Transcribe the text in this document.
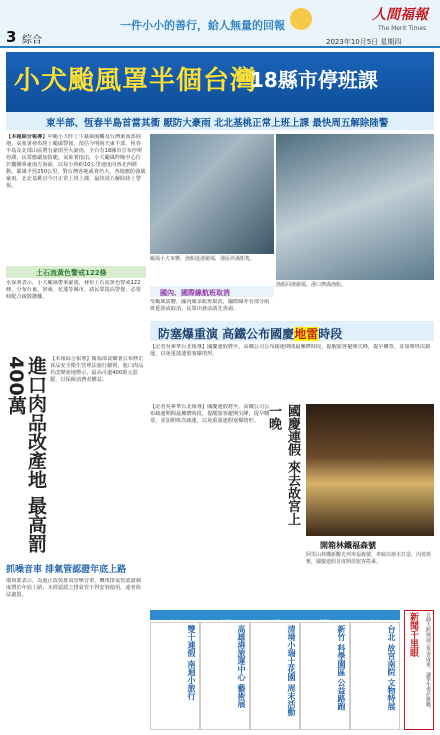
3 綜合
一件小小的善行，給人無量的回報
人間福報
The Merit Times
2023年10月5日 星期四
小犬颱風罩半個台灣
18縣市停班課
東半部、恆春半島首當其衝 厭防大豪雨 北北基桃正常上班上課 最快周五解除陸警
【本報綜合報導】中颱小犬昨上午暴風圈觸及台灣東南部陸地，氣象署發布陸上颱風警報，預估今明兩天東半部、恆春半島及北部山區將有豪雨至大豪雨，全台有18縣市宣布停班停課，民眾應嚴加防範。氣象署指出，小犬颱風昨晚中心位於鵝鑾鼻東南方海面，以每小時約10公里速度向西北西移動，暴風半徑250公里，對台灣各地威脅仍大，各地應防強風豪雨。北北基桃宜今日正常上班上課，最快周五解除陸上警報。
土石流黃色警戒122條
水保署表示，小犬颱風帶來豪雨，發布土石流黃色警戒122條，分布台東、屏東、花蓮等縣市，請民眾提高警覺，必要時配合疏散撤離。
進口肉品改產地 最高罰400萬	【本報綜合報導】衛福部食藥署公布修正食品安全衛生管理法施行細則，進口肉品若改變產地標示，最高可處400萬元罰鍰，以保障消費者權益。
抓噪音車 排氣管認證年底上路
環境部表示，為遏止改裝排氣管噪音車，機車排氣管認證制度將於年底上路，未經認證之排氣管不得安裝使用，違者依法處罰。
颱風小犬來襲，漁船進港避風，港區停滿船隻。
漁船回港避風，港口擠滿漁船。
國內、國際線航班取消
受颱風影響，國內線多航班取消，國際線亦有部分航班延誤或取消，民眾出發前請先查詢。
防塞爆重演 高鐵公布國慶地雷時段
【記者吳素華台北報導】國慶連假將至，高鐵公司公布疏運期間最擁擠時段，提醒旅客避開尖峰，提早購票，並加開班次疏運，以免重演連假塞爆情形。
國慶連假 來去故宮上一晚
【記者吳素華台北報導】國慶連假將至，高鐵公司公布疏運期間最擁擠時段，提醒旅客避開尖峰，提早購票，並加開班次疏運，以免重演連假塞爆情形。
開箱林鐵福森號
阿里山林鐵新觀光列車福森號，車廂以檜木打造，內裝典雅，國慶連假首度開放旅客搭乘。
雙十連假 南迴小旅行	高雄港旅運中心 藝術展	清境小瑞士花園 周末活動	新竹 科學園區 公益路跑	台北 故宮南院 文物特展	新聞千里眼	台師大跨域展示學習成果，讓學生勇於挑戰。
